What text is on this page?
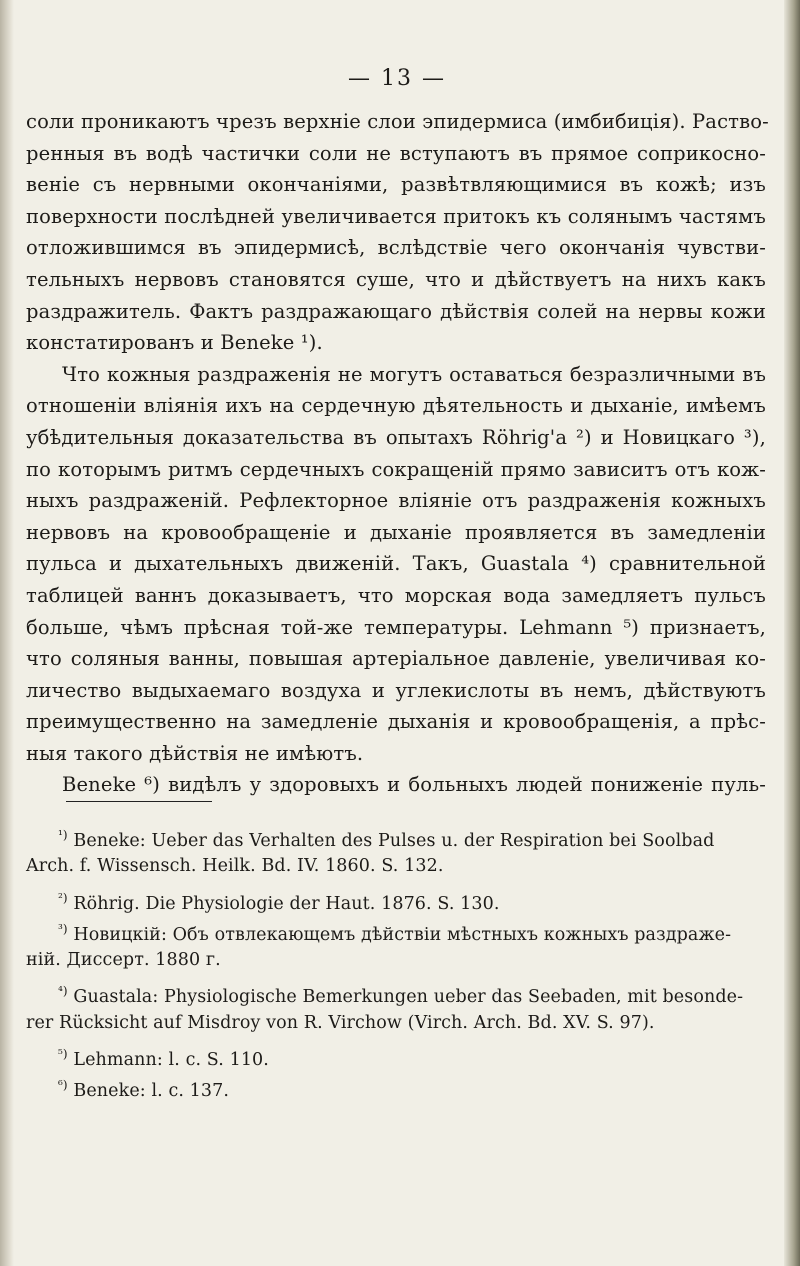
— 13 —
соли проникаютъ чрезъ верхніе слои эпидермиса (имбибиція). Раство-
ренныя въ водѣ частички соли не вступаютъ въ прямое соприкосно-
веніе съ нервными окончаніями, развѣтвляющимися въ кожѣ; изъ
поверхности послѣдней увеличивается притокъ къ солянымъ частямъ
отложившимся въ эпидермисѣ, вслѣдствіе чего окончанія чувстви-
тельныхъ нервовъ становятся суше, что и дѣйствуетъ на нихъ какъ
раздражитель. Фактъ раздражающаго дѣйствія солей на нервы кожи
констатированъ и Beneke ¹).
Что кожныя раздраженія не могутъ оставаться безразличными въ
отношеніи вліянія ихъ на сердечную дѣятельность и дыханіе, имѣемъ
убѣдительныя доказательства въ опытахъ Röhrig'a ²) и Новицкаго ³),
по которымъ ритмъ сердечныхъ сокращеній прямо зависитъ отъ кож-
ныхъ раздраженій. Рефлекторное вліяніе отъ раздраженія кожныхъ
нервовъ на кровообращеніе и дыханіе проявляется въ замедленіи
пульса и дыхательныхъ движеній. Такъ, Guastala ⁴) сравнительной
таблицей ваннъ доказываетъ, что морская вода замедляетъ пульсъ
больше, чѣмъ прѣсная той-же температуры. Lehmann ⁵) признаетъ,
что соляныя ванны, повышая артеріальное давленіе, увеличивая ко-
личество выдыхаемаго воздуха и углекислоты въ немъ, дѣйствуютъ
преимущественно на замедленіе дыханія и кровообращенія, а прѣс-
ныя такого дѣйствія не имѣютъ.
Beneke ⁶) видѣлъ у здоровыхъ и больныхъ людей пониженіе пуль-
$^{^1)}$ Beneke: Ueber das Verhalten des Pulses u. der Respiration bei Soolbad
Arch. f. Wissensch. Heilk. Bd. IV. 1860. S. 132.
$^{^2)}$ Röhrig. Die Physiologie der Haut. 1876. S. 130.
$^{^3)}$ Новицкій: Объ отвлекающемъ дѣйствіи мѣстныхъ кожныхъ раздраже-
ній. Диссерт. 1880 г.
$^{^4)}$ Guastala: Physiologische Bemerkungen ueber das Seebaden, mit besonde-
rer Rücksicht auf Misdroy von R. Virchow (Virch. Arch. Bd. XV. S. 97).
$^{^5)}$ Lehmann: l. c. S. 110.
$^{^6)}$ Beneke: l. c. 137.
